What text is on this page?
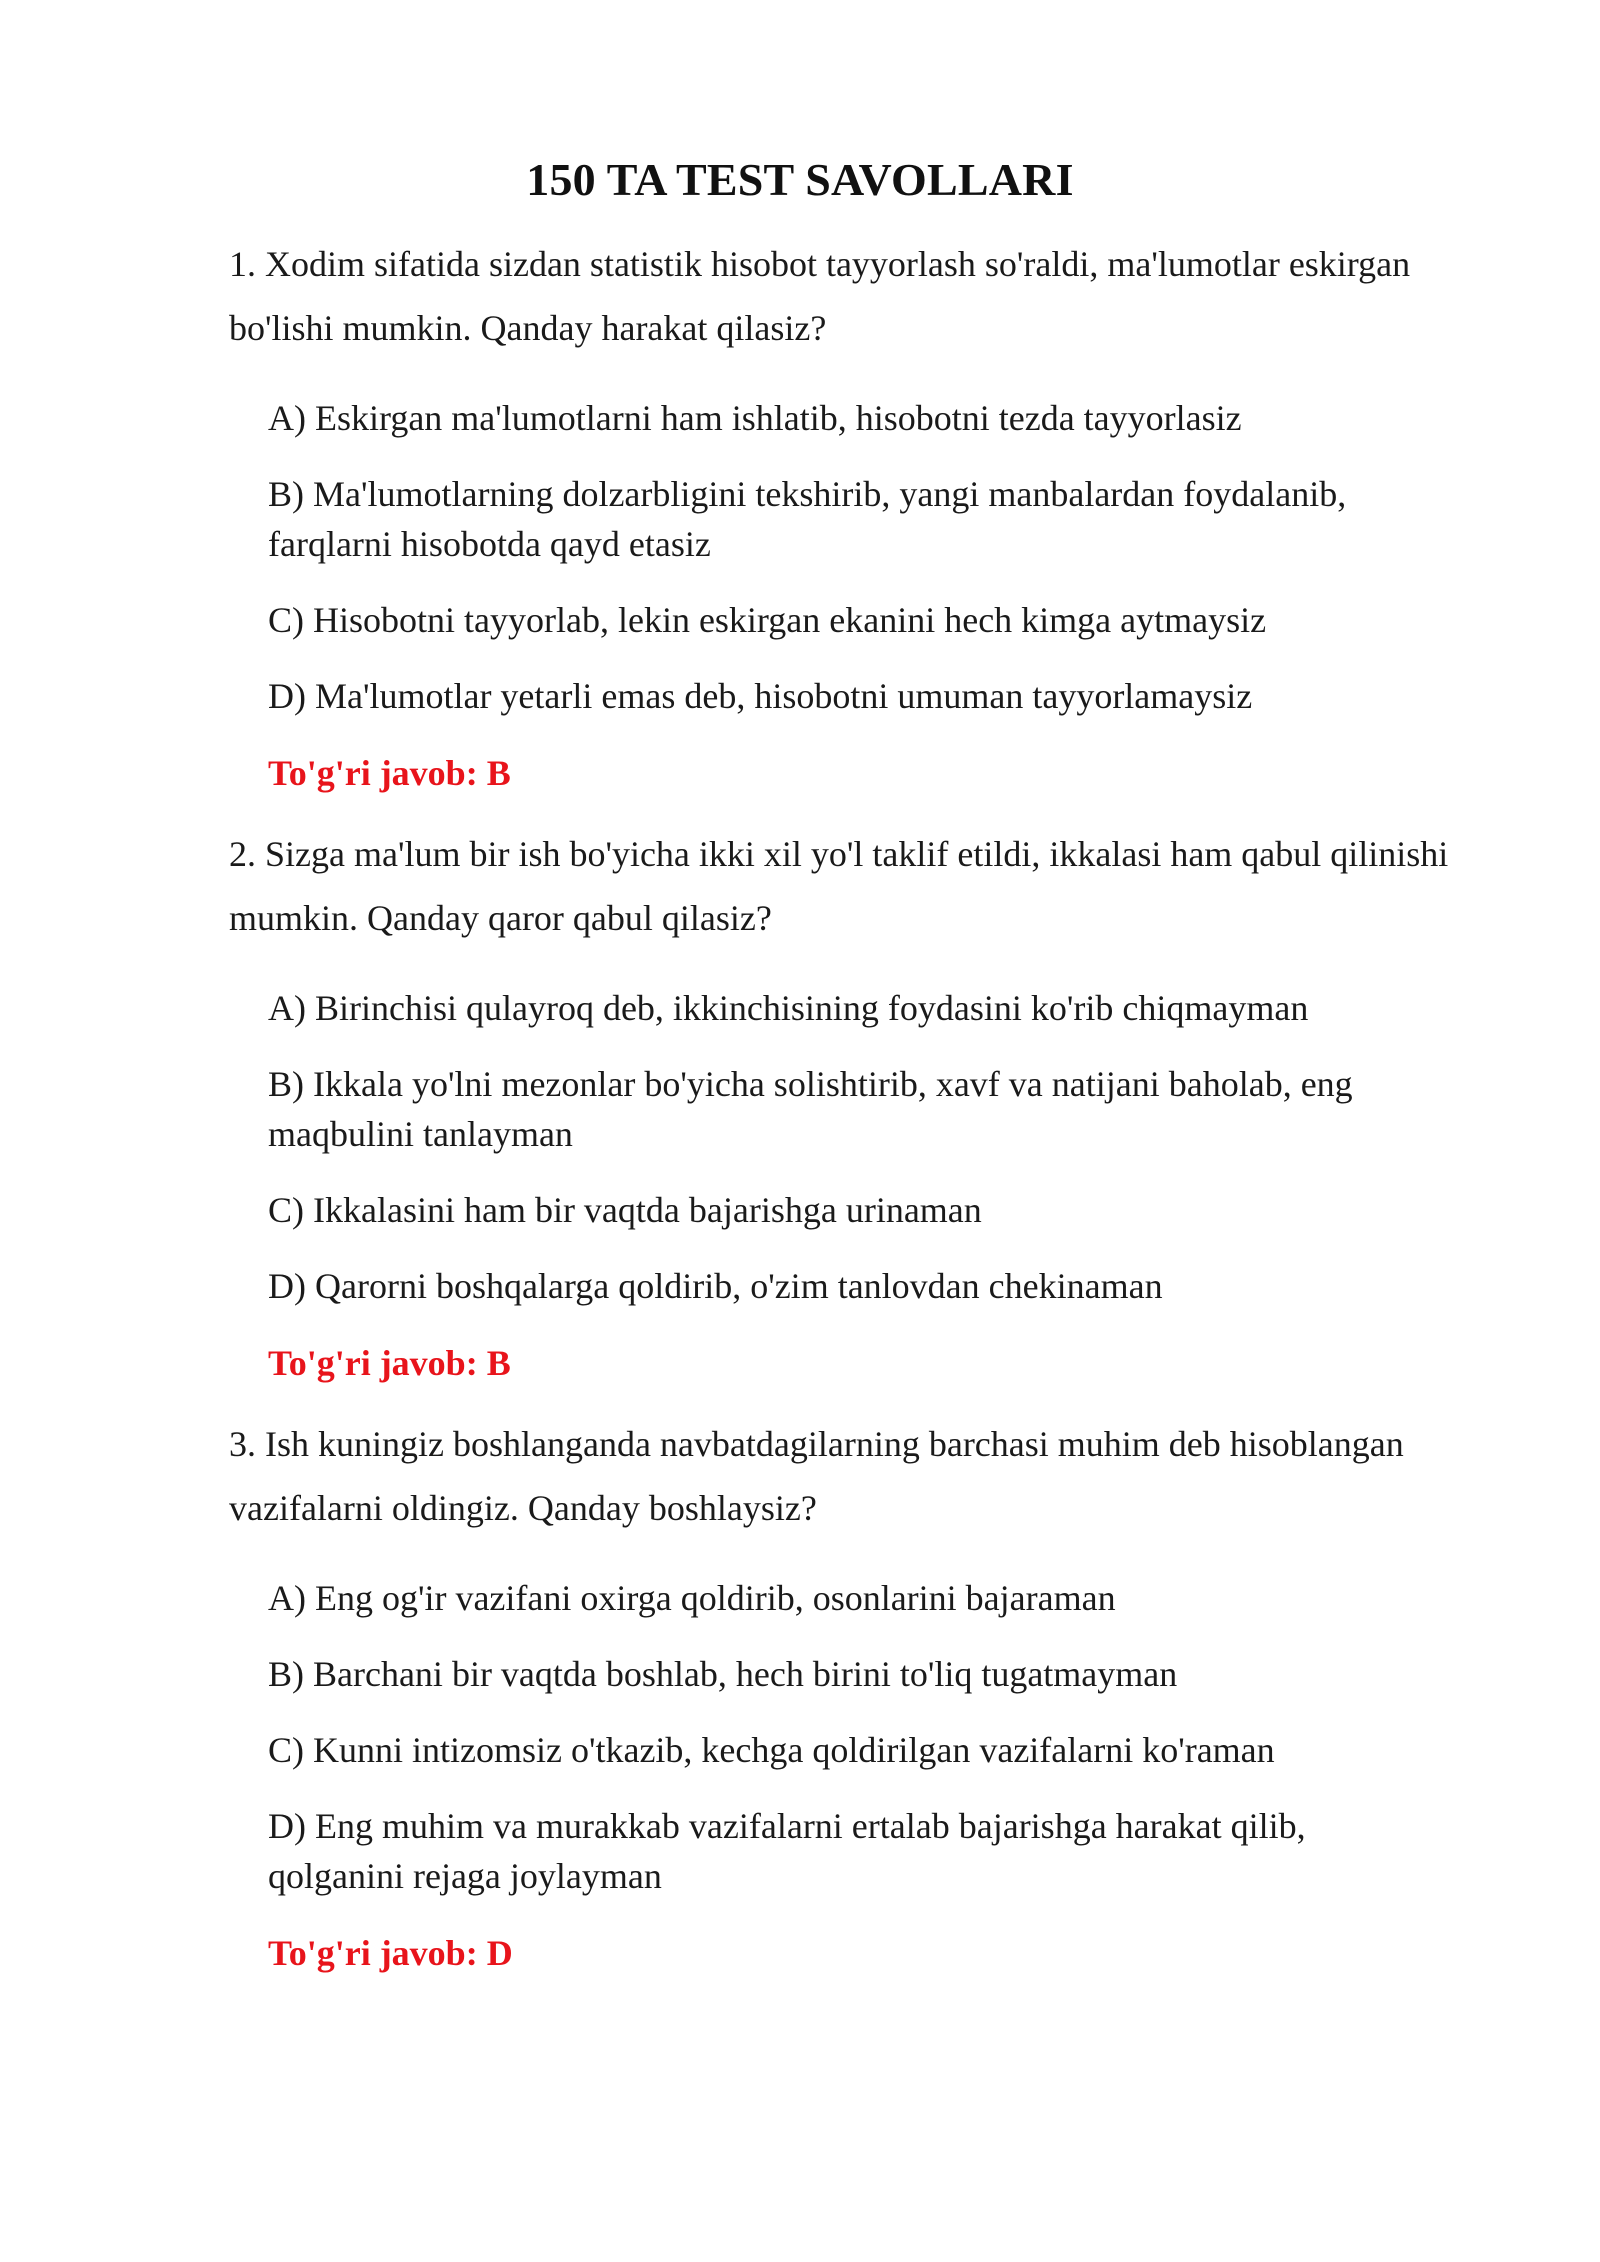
150 TA TEST SAVOLLARI

1. Xodim sifatida sizdan statistik hisobot tayyorlash so'raldi, ma'lumotlar eskirgan bo'lishi mumkin. Qanday harakat qilasiz?

A) Eskirgan ma'lumotlarni ham ishlatib, hisobotni tezda tayyorlasiz

B) Ma'lumotlarning dolzarbligini tekshirib, yangi manbalardan foydalanib, farqlarni hisobotda qayd etasiz

C) Hisobotni tayyorlab, lekin eskirgan ekanini hech kimga aytmaysiz

D) Ma'lumotlar yetarli emas deb, hisobotni umuman tayyorlamaysiz

To'g'ri javob: B

2. Sizga ma'lum bir ish bo'yicha ikki xil yo'l taklif etildi, ikkalasi ham qabul qilinishi mumkin. Qanday qaror qabul qilasiz?

A) Birinchisi qulayroq deb, ikkinchisining foydasini ko'rib chiqmayman

B) Ikkala yo'lni mezonlar bo'yicha solishtirib, xavf va natijani baholab, eng maqbulini tanlayman

C) Ikkalasini ham bir vaqtda bajarishga urinaman

D) Qarorni boshqalarga qoldirib, o'zim tanlovdan chekinaman

To'g'ri javob: B

3. Ish kuningiz boshlanganda navbatdagilarning barchasi muhim deb hisoblangan vazifalarni oldingiz. Qanday boshlaysiz?

A) Eng og'ir vazifani oxirga qoldirib, osonlarini bajaraman

B) Barchani bir vaqtda boshlab, hech birini to'liq tugatmayman

C) Kunni intizomsiz o'tkazib, kechga qoldirilgan vazifalarni ko'raman

D) Eng muhim va murakkab vazifalarni ertalab bajarishga harakat qilib, qolganini rejaga joylayman

To'g'ri javob: D
